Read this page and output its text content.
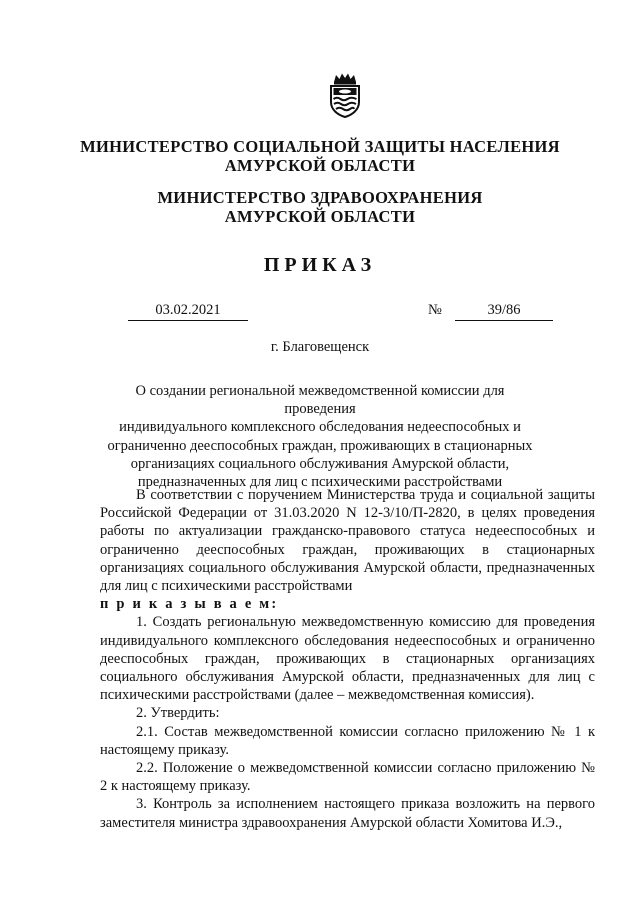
МИНИСТЕРСТВО СОЦИАЛЬНОЙ ЗАЩИТЫ НАСЕЛЕНИЯ
АМУРСКОЙ ОБЛАСТИ
МИНИСТЕРСТВО ЗДРАВООХРАНЕНИЯ
АМУРСКОЙ ОБЛАСТИ
ПРИКАЗ
03.02.2021	№	39/86
г. Благовещенск
О создании региональной межведомственной комиссии для проведения
индивидуального комплексного обследования недееспособных и
ограниченно дееспособных граждан, проживающих в стационарных
организациях социального обслуживания Амурской области,
предназначенных для лиц с психическими расстройствами

В соответствии с поручением Министерства труда и социальной защиты Российской Федерации от 31.03.2020 N 12-3/10/П-2820, в целях проведения работы по актуализации гражданско-правового статуса недееспособных и ограниченно дееспособных граждан, проживающих в стационарных организациях социального обслуживания Амурской области, предназначенных для лиц с психическими расстройствами

п р и к а з ы в а е м:

1. Создать региональную межведомственную комиссию для проведения индивидуального комплексного обследования недееспособных и ограниченно дееспособных граждан, проживающих в стационарных организациях социального обслуживания Амурской области, предназначенных для лиц с психическими расстройствами (далее – межведомственная комиссия).

2. Утвердить:

2.1. Состав межведомственной комиссии согласно приложению № 1 к настоящему приказу.

2.2. Положение о межведомственной комиссии согласно приложению № 2 к настоящему приказу.

3. Контроль за исполнением настоящего приказа возложить на первого заместителя министра здравоохранения Амурской области Хомитова И.Э.,
